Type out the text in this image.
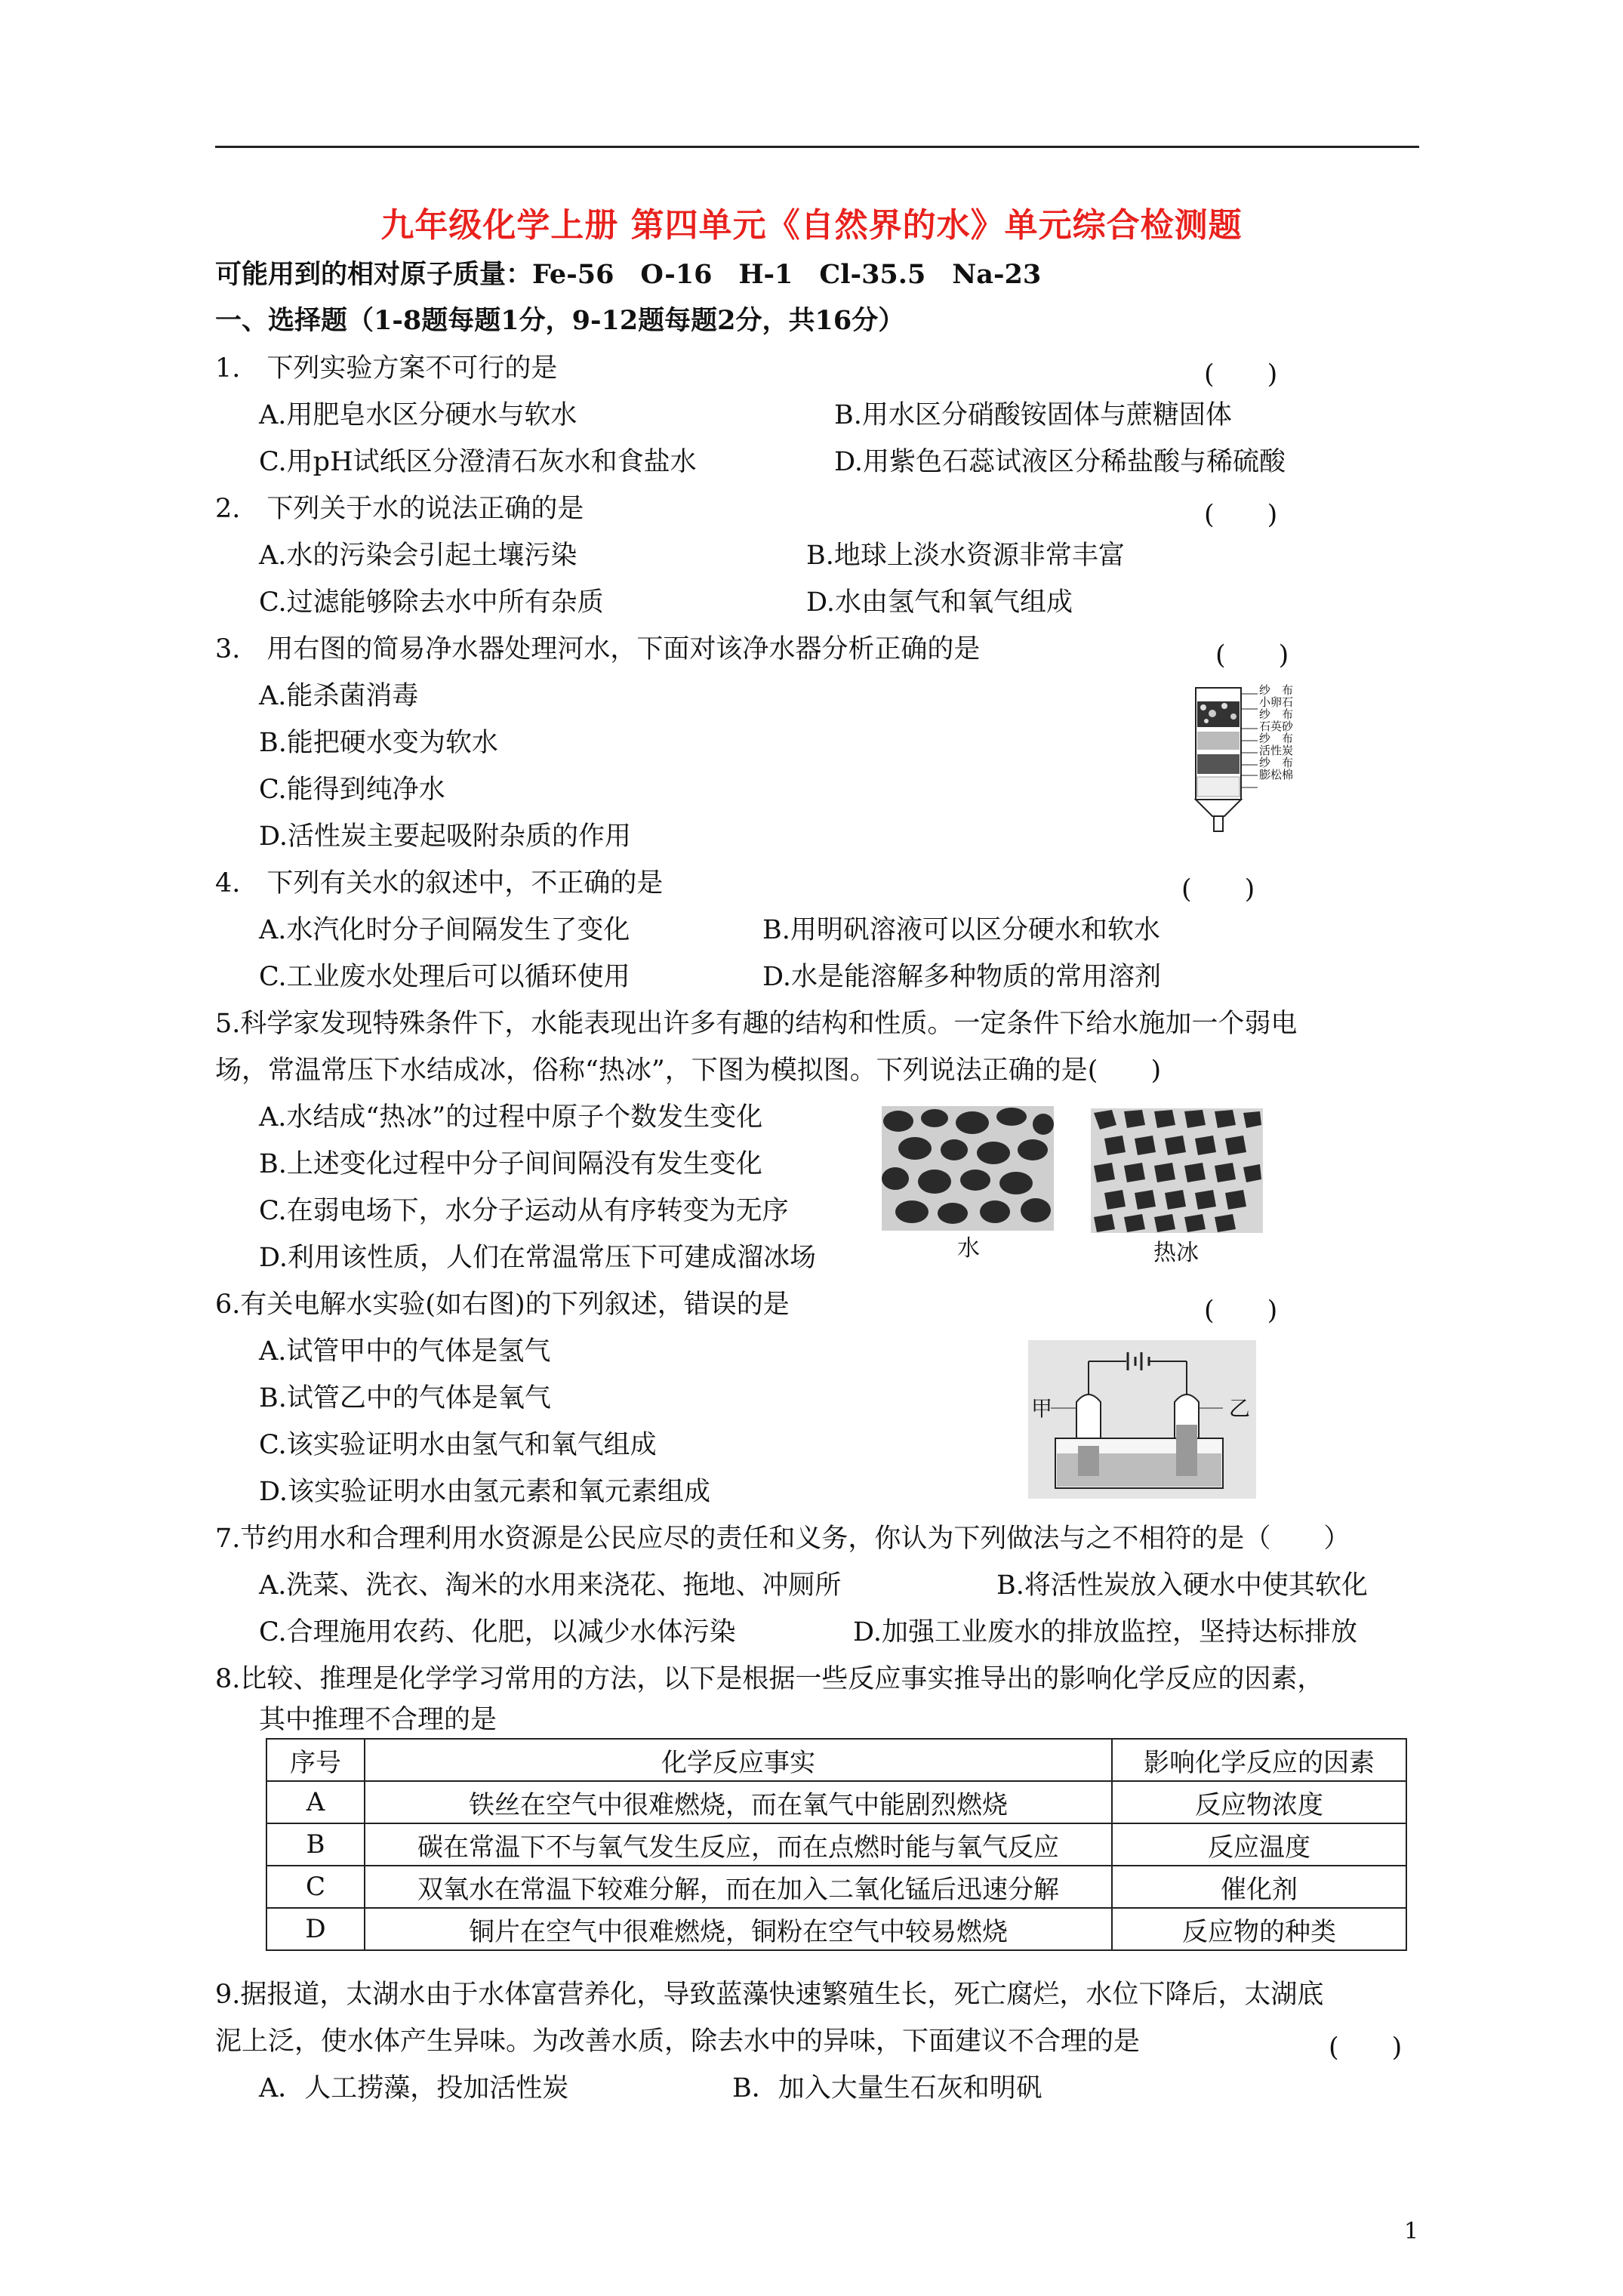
九年级化学上册 第四单元《自然界的水》单元综合检测题
可能用到的相对原子质量：Fe-56　O-16　H-1　Cl-35.5　Na-23
一、选择题（1-8题每题1分，9-12题每题2分，共16分）
1.　下列实验方案不可行的是	(　　)
A.用肥皂水区分硬水与软水	B.用水区分硝酸铵固体与蔗糖固体
C.用pH试纸区分澄清石灰水和食盐水	D.用紫色石蕊试液区分稀盐酸与稀硫酸
2.　下列关于水的说法正确的是	(　　)
A.水的污染会引起土壤污染	B.地球上淡水资源非常丰富
C.过滤能够除去水中所有杂质	D.水由氢气和氧气组成
3.　用右图的简易净水器处理河水，下面对该净水器分析正确的是	(　　)
A.能杀菌消毒
B.能把硬水变为软水
C.能得到纯净水
D.活性炭主要起吸附杂质的作用
纱　布
小卵石
纱　布
石英砂
纱　布
活性炭
纱　布
膨松棉
4.　下列有关水的叙述中，不正确的是	(　　)
A.水汽化时分子间隔发生了变化	B.用明矾溶液可以区分硬水和软水
C.工业废水处理后可以循环使用	D.水是能溶解多种物质的常用溶剂
5.科学家发现特殊条件下，水能表现出许多有趣的结构和性质。一定条件下给水施加一个弱电
场，常温常压下水结成冰，俗称“热冰”，下图为模拟图。下列说法正确的是(　　)
A.水结成“热冰”的过程中原子个数发生变化
B.上述变化过程中分子间间隔没有发生变化
C.在弱电场下，水分子运动从有序转变为无序
D.利用该性质，人们在常温常压下可建成溜冰场	水	热冰
6.有关电解水实验(如右图)的下列叙述，错误的是	(　　)
A.试管甲中的气体是氢气
B.试管乙中的气体是氧气
C.该实验证明水由氢气和氧气组成
D.该实验证明水由氢元素和氧元素组成
甲	乙
7.节约用水和合理利用水资源是公民应尽的责任和义务，你认为下列做法与之不相符的是（　　）
A.洗菜、洗衣、淘米的水用来浇花、拖地、冲厕所	B.将活性炭放入硬水中使其软化
C.合理施用农药、化肥，以减少水体污染	D.加强工业废水的排放监控，坚持达标排放
8.比较、推理是化学学习常用的方法，以下是根据一些反应事实推导出的影响化学反应的因素，
其中推理不合理的是
序号	化学反应事实	影响化学反应的因素
A	铁丝在空气中很难燃烧，而在氧气中能剧烈燃烧	反应物浓度
B	碳在常温下不与氧气发生反应，而在点燃时能与氧气反应	反应温度
C	双氧水在常温下较难分解，而在加入二氧化锰后迅速分解	催化剂
D	铜片在空气中很难燃烧，铜粉在空气中较易燃烧	反应物的种类
9.据报道，太湖水由于水体富营养化，导致蓝藻快速繁殖生长，死亡腐烂，水位下降后，太湖底
泥上泛，使水体产生异味。为改善水质，除去水中的异味，下面建议不合理的是	(　　)
A．人工捞藻，投加活性炭	B．加入大量生石灰和明矾
1
